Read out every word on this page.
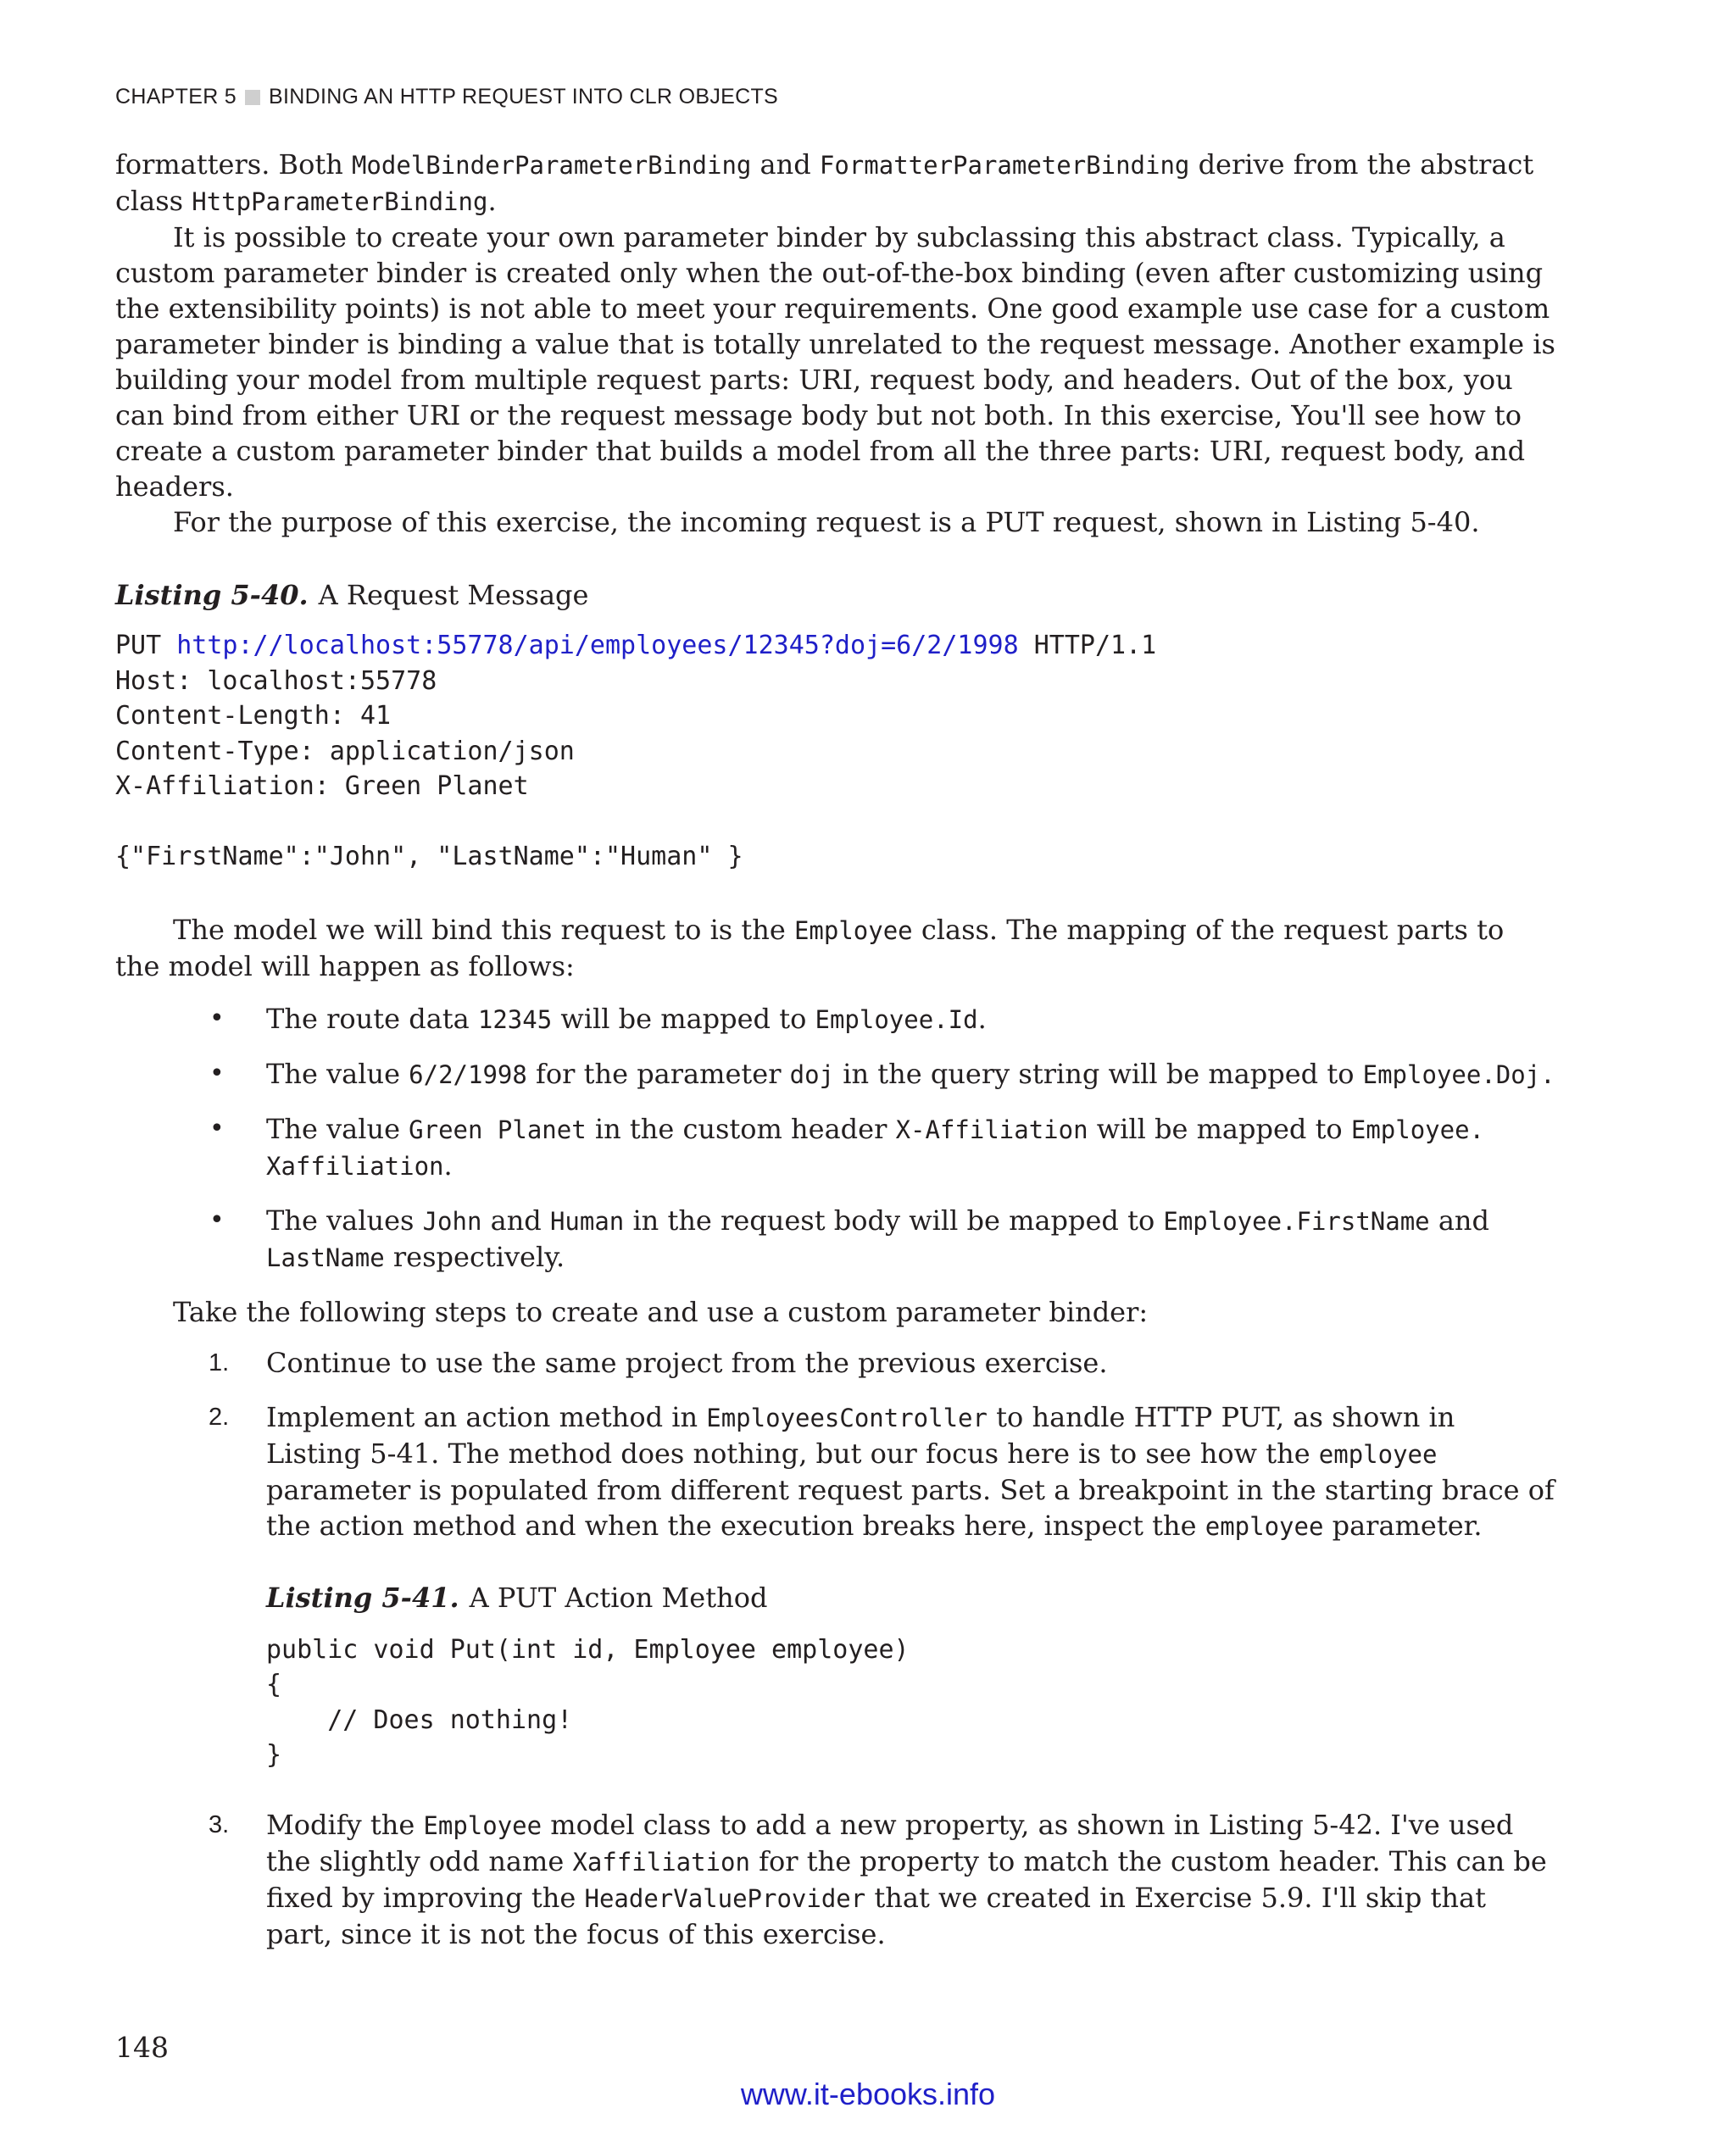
CHAPTER 5 BINDING AN HTTP REQUEST INTO CLR OBJECTS

formatters. Both ModelBinderParameterBinding and FormatterParameterBinding derive from the abstract class HttpParameterBinding.

It is possible to create your own parameter binder by subclassing this abstract class. Typically, a custom parameter binder is created only when the out-of-the-box binding (even after customizing using the extensibility points) is not able to meet your requirements. One good example use case for a custom parameter binder is binding a value that is totally unrelated to the request message. Another example is building your model from multiple request parts: URI, request body, and headers. Out of the box, you can bind from either URI or the request message body but not both. In this exercise, You'll see how to create a custom parameter binder that builds a model from all the three parts: URI, request body, and headers.

For the purpose of this exercise, the incoming request is a PUT request, shown in Listing 5-40.

Listing 5-40. A Request Message
PUT http://localhost:55778/api/employees/12345?doj=6/2/1998 HTTP/1.1
Host: localhost:55778
Content-Length: 41
Content-Type: application/json
X-Affiliation: Green Planet

{"FirstName":"John", "LastName":"Human" }

The model we will bind this request to is the Employee class. The mapping of the request parts to the model will happen as follows:

• The route data 12345 will be mapped to Employee.Id.
• The value 6/2/1998 for the parameter doj in the query string will be mapped to Employee.Doj.
• The value Green Planet in the custom header X-Affiliation will be mapped to Employee.
Xaffiliation.
• The values John and Human in the request body will be mapped to Employee.FirstName and
LastName respectively.

Take the following steps to create and use a custom parameter binder:

1. Continue to use the same project from the previous exercise.
2. Implement an action method in EmployeesController to handle HTTP PUT, as shown in Listing 5-41. The method does nothing, but our focus here is to see how the employee parameter is populated from different request parts. Set a breakpoint in the starting brace of the action method and when the execution breaks here, inspect the employee parameter.
Listing 5-41. A PUT Action Method
public void Put(int id, Employee employee)
{
// Does nothing!
}
3. Modify the Employee model class to add a new property, as shown in Listing 5-42. I've used the slightly odd name Xaffiliation for the property to match the custom header. This can be fixed by improving the HeaderValueProvider that we created in Exercise 5.9. I'll skip that part, since it is not the focus of this exercise.
148
www.it-ebooks.info
